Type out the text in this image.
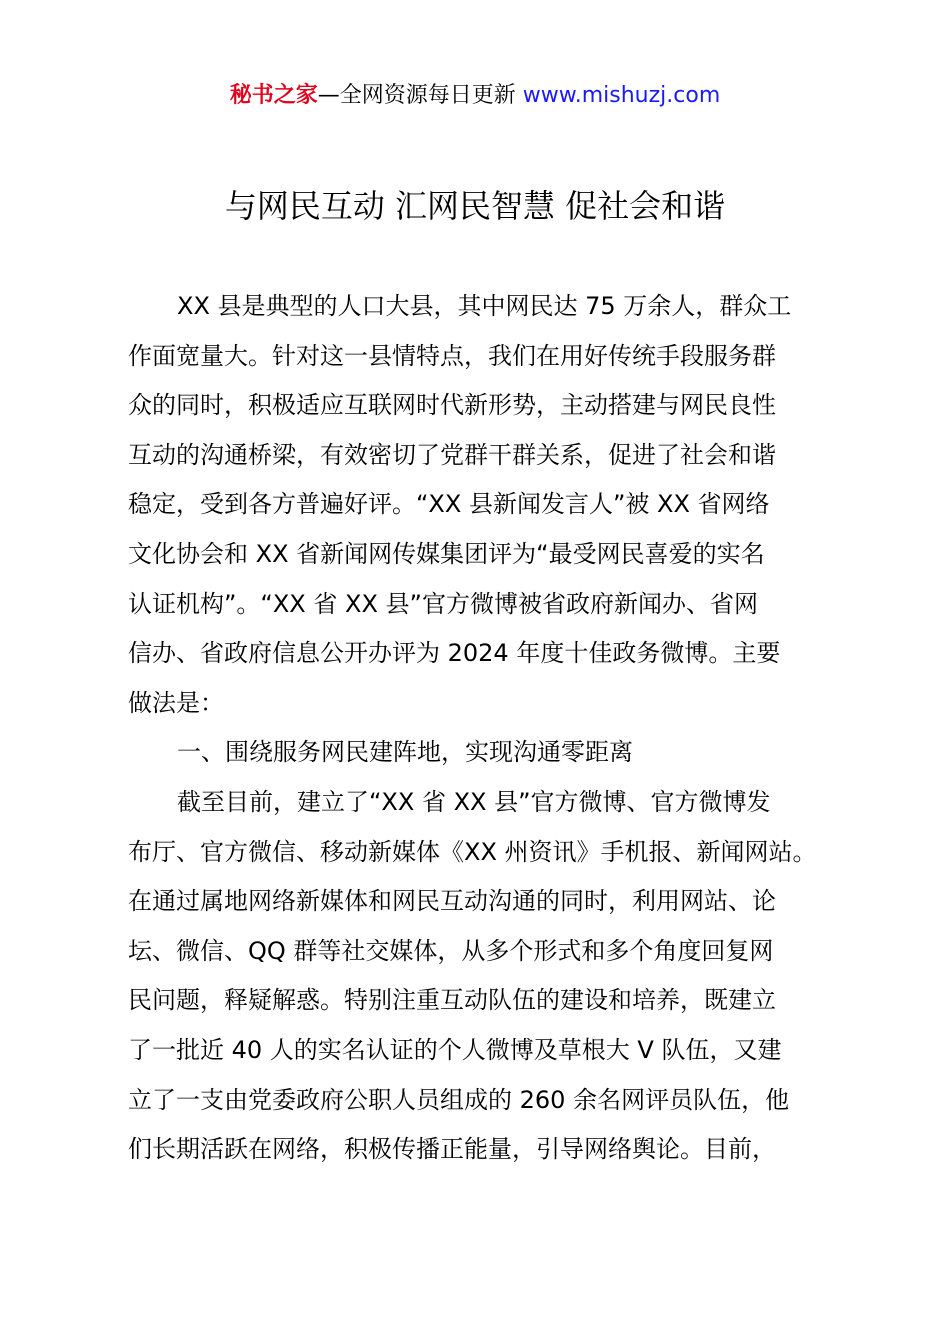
秘书之家—全网资源每日更新 www.mishuzj.com
与网民互动 汇网民智慧 促社会和谐
XX 县是典型的人口大县，其中网民达 75 万余人，群众工
作面宽量大。针对这一县情特点，我们在用好传统手段服务群
众的同时，积极适应互联网时代新形势，主动搭建与网民良性
互动的沟通桥梁，有效密切了党群干群关系，促进了社会和谐
稳定，受到各方普遍好评。“XX 县新闻发言人”被 XX 省网络
文化协会和 XX 省新闻网传媒集团评为“最受网民喜爱的实名
认证机构”。“XX 省 XX 县”官方微博被省政府新闻办、省网
信办、省政府信息公开办评为 2024 年度十佳政务微博。主要
做法是：
一、围绕服务网民建阵地，实现沟通零距离
截至目前，建立了“XX 省 XX 县”官方微博、官方微博发
布厅、官方微信、移动新媒体《XX 州资讯》手机报、新闻网站。
在通过属地网络新媒体和网民互动沟通的同时，利用网站、论
坛、微信、QQ 群等社交媒体，从多个形式和多个角度回复网
民问题，释疑解惑。特别注重互动队伍的建设和培养，既建立
了一批近 40 人的实名认证的个人微博及草根大 V 队伍，又建
立了一支由党委政府公职人员组成的 260 余名网评员队伍，他
们长期活跃在网络，积极传播正能量，引导网络舆论。目前，
